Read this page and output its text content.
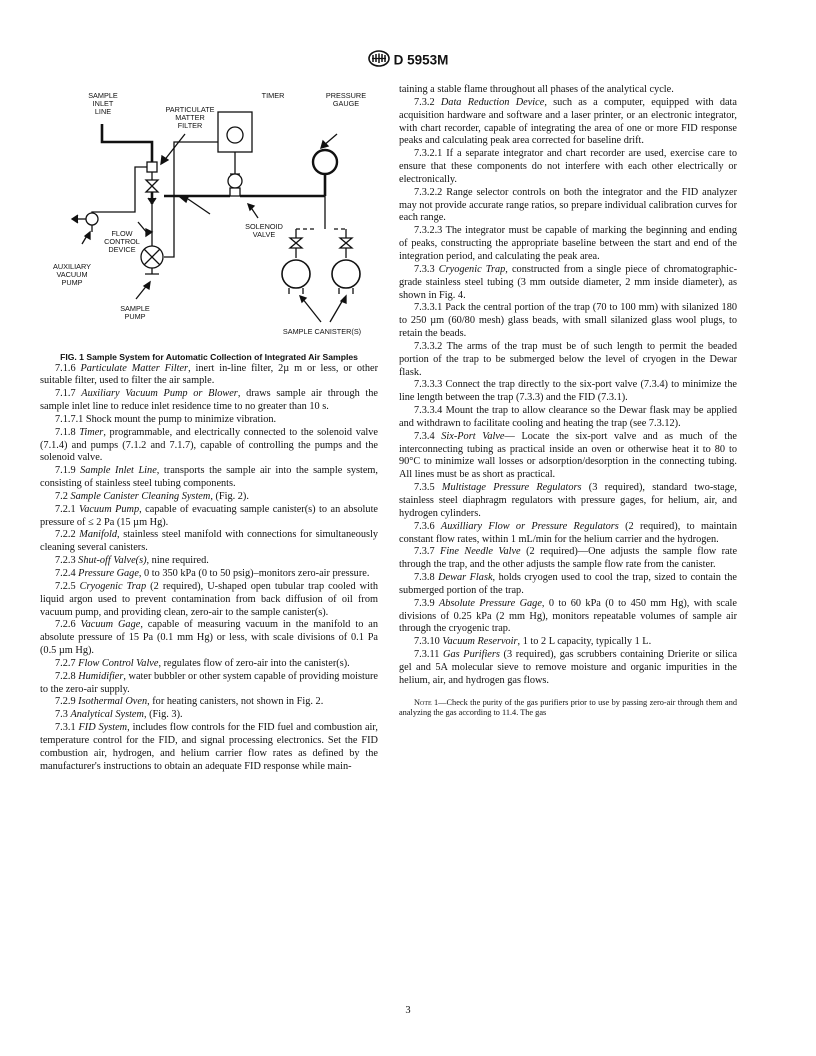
D 5953M
SAMPLE
INLET
LINE	PARTICULATE
MATTER
FILTER
TIMER	PRESSURE
GAUGE
SOLENOID
VALVE
FLOW
CONTROL
DEVICE
AUXILIARY
VACUUM
PUMP
SAMPLE
PUMP
SAMPLE CANISTER(S)

FIG. 1 Sample System for Automatic Collection of Integrated Air Samples

7.1.6 Particulate Matter Filter, inert in-line filter, 2µ m or less, or other suitable filter, used to filter the air sample.

7.1.7 Auxiliary Vacuum Pump or Blower, draws sample air through the sample inlet line to reduce inlet residence time to no greater than 10 s.

7.1.7.1 Shock mount the pump to minimize vibration.

7.1.8 Timer, programmable, and electrically connected to the solenoid valve (7.1.4) and pumps (7.1.2 and 7.1.7), capable of controlling the pumps and the solenoid valve.

7.1.9 Sample Inlet Line, transports the sample air into the sample system, consisting of stainless steel tubing components.

7.2 Sample Canister Cleaning System, (Fig. 2).

7.2.1 Vacuum Pump, capable of evacuating sample canister(s) to an absolute pressure of ≤ 2 Pa (15 µm Hg).

7.2.2 Manifold, stainless steel manifold with connections for simultaneously cleaning several canisters.

7.2.3 Shut-off Valve(s), nine required.

7.2.4 Pressure Gage, 0 to 350 kPa (0 to 50 psig)–monitors zero-air pressure.

7.2.5 Cryogenic Trap (2 required), U-shaped open tubular trap cooled with liquid argon used to prevent contamination from back diffusion of oil from vacuum pump, and providing clean, zero-air to the sample canister(s).

7.2.6 Vacuum Gage, capable of measuring vacuum in the manifold to an absolute pressure of 15 Pa (0.1 mm Hg) or less, with scale divisions of 0.1 Pa (0.5 µm Hg).

7.2.7 Flow Control Valve, regulates flow of zero-air into the canister(s).

7.2.8 Humidifier, water bubbler or other system capable of providing moisture to the zero-air supply.

7.2.9 Isothermal Oven, for heating canisters, not shown in Fig. 2.

7.3 Analytical System, (Fig. 3).

7.3.1 FID System, includes flow controls for the FID fuel and combustion air, temperature control for the FID, and signal processing electronics. Set the FID combustion air, hydrogen, and helium carrier flow rates as defined by the manufacturer's instructions to obtain an adequate FID response while main-

taining a stable flame throughout all phases of the analytical cycle.

7.3.2 Data Reduction Device, such as a computer, equipped with data acquisition hardware and software and a laser printer, or an electronic integrator, with chart recorder, capable of integrating the area of one or more FID response peaks and calculating peak area corrected for baseline drift.

7.3.2.1 If a separate integrator and chart recorder are used, exercise care to ensure that these components do not interfere with each other electrically or electronically.

7.3.2.2 Range selector controls on both the integrator and the FID analyzer may not provide accurate range ratios, so prepare individual calibration curves for each range.

7.3.2.3 The integrator must be capable of marking the beginning and ending of peaks, constructing the appropriate baseline between the start and end of the integration period, and calculating the peak area.

7.3.3 Cryogenic Trap, constructed from a single piece of chromatographic-grade stainless steel tubing (3 mm outside diameter, 2 mm inside diameter), as shown in Fig. 4.

7.3.3.1 Pack the central portion of the trap (70 to 100 mm) with silanized 180 to 250 µm (60/80 mesh) glass beads, with small silanized glass wool plugs, to retain the beads.

7.3.3.2 The arms of the trap must be of such length to permit the beaded portion of the trap to be submerged below the level of cryogen in the Dewar flask.

7.3.3.3 Connect the trap directly to the six-port valve (7.3.4) to minimize the line length between the trap (7.3.3) and the FID (7.3.1).

7.3.3.4 Mount the trap to allow clearance so the Dewar flask may be applied and withdrawn to facilitate cooling and heating the trap (see 7.3.12).

7.3.4 Six-Port Valve— Locate the six-port valve and as much of the interconnecting tubing as practical inside an oven or otherwise heat it to 80 to 90°C to minimize wall losses or adsorption/desorption in the connecting tubing. All lines must be as short as practical.

7.3.5 Multistage Pressure Regulators (3 required), standard two-stage, stainless steel diaphragm regulators with pressure gages, for helium, air, and hydrogen cylinders.

7.3.6 Auxilliary Flow or Pressure Regulators (2 required), to maintain constant flow rates, within 1 mL/min for the helium carrier and the hydrogen.

7.3.7 Fine Needle Valve (2 required)—One adjusts the sample flow rate through the trap, and the other adjusts the sample flow rate from the canister.

7.3.8 Dewar Flask, holds cryogen used to cool the trap, sized to contain the submerged portion of the trap.

7.3.9 Absolute Pressure Gage, 0 to 60 kPa (0 to 450 mm Hg), with scale divisions of 0.25 kPa (2 mm Hg), monitors repeatable volumes of sample air through the cryogenic trap.

7.3.10 Vacuum Reservoir, 1 to 2 L capacity, typically 1 L.

7.3.11 Gas Purifiers (3 required), gas scrubbers containing Drierite or silica gel and 5A molecular sieve to remove moisture and organic impurities in the helium, air, and hydrogen gas flows.

Note 1—Check the purity of the gas purifiers prior to use by passing zero-air through them and analyzing the gas according to 11.4. The gas

3
